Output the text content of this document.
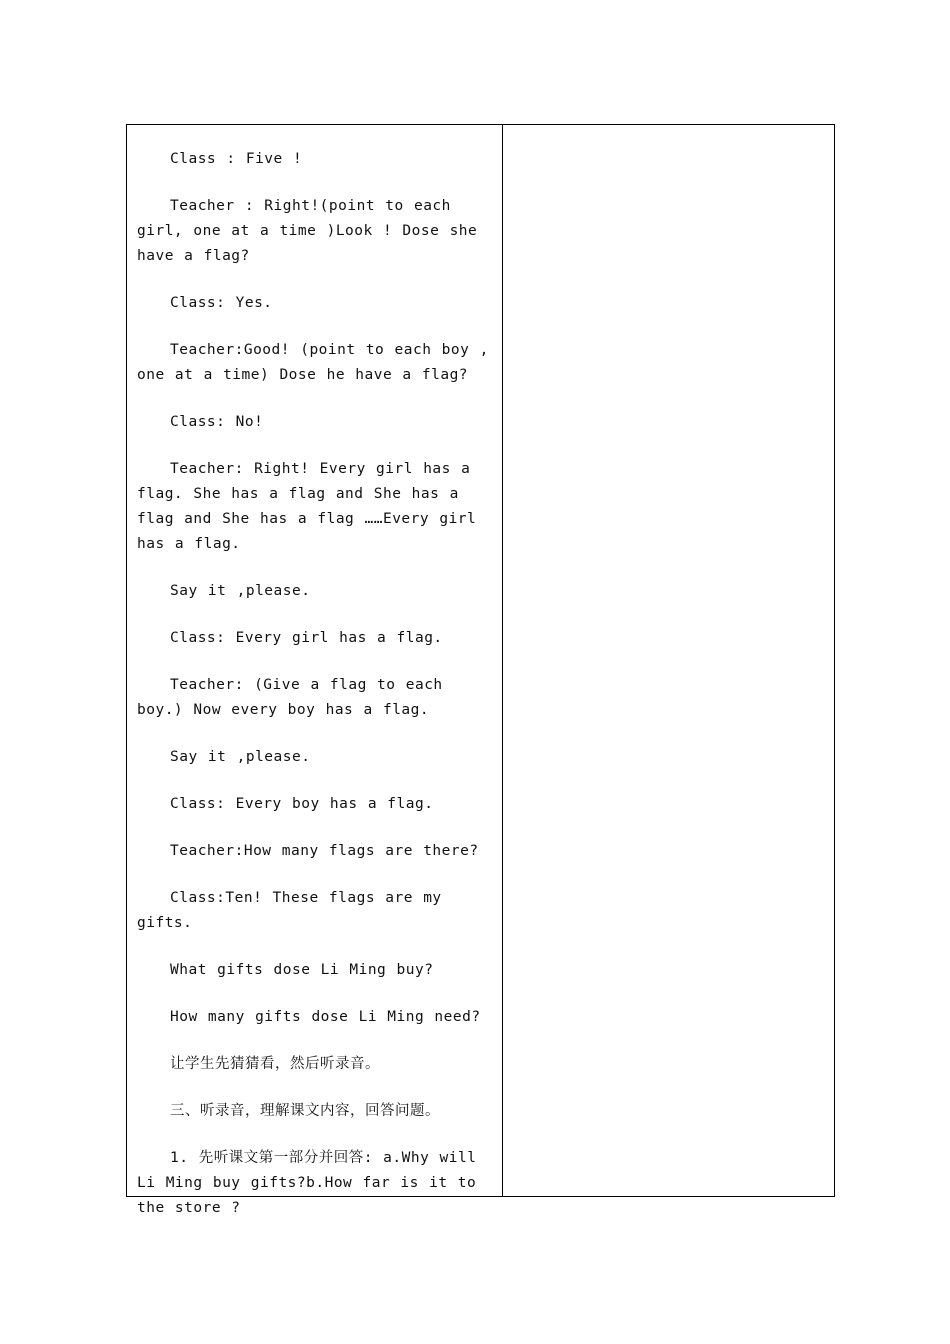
Class : Five !

Teacher : Right!(point to each girl, one at a time )Look ! Dose she have a flag?

Class: Yes.

Teacher:Good! (point to each boy , one at a time) Dose he have a flag?

Class: No!

Teacher: Right! Every girl has a flag. She has a flag and She has a flag and She has a flag ……Every girl has a flag.

Say it ,please.

Class: Every girl has a flag.

Teacher: (Give a flag to each boy.) Now every boy has a flag.

Say it ,please.

Class: Every boy has a flag.

Teacher:How many flags are there?

Class:Ten! These flags are my gifts.

What gifts dose Li Ming buy?

How many gifts dose Li Ming need?

让学生先猜猜看，然后听录音。

三、听录音，理解课文内容，回答问题。

1. 先听课文第一部分并回答: a.Why will Li Ming buy gifts?b.How far is it to the store ?
